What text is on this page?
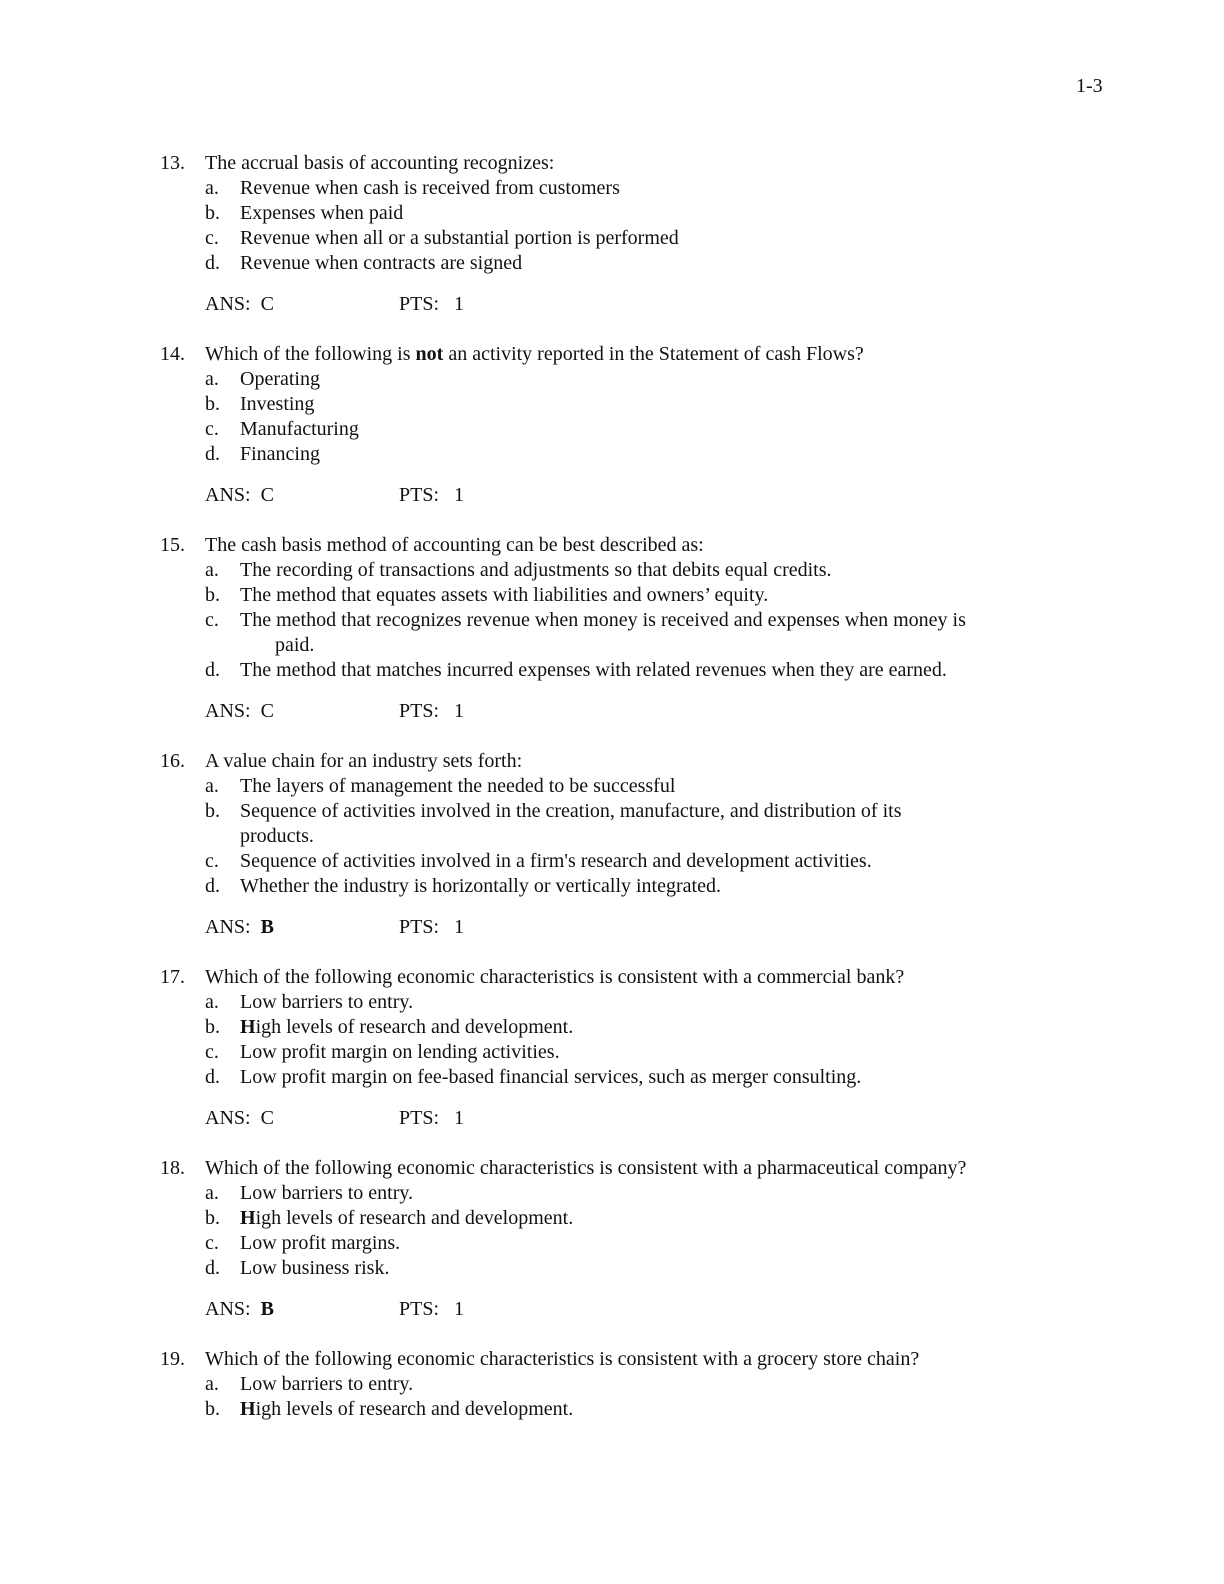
1-3
13. The accrual basis of accounting recognizes:
a. Revenue when cash is received from customers
b. Expenses when paid
c. Revenue when all or a substantial portion is performed
d. Revenue when contracts are signed
ANS: C	PTS: 1
14. Which of the following is not an activity reported in the Statement of cash Flows?
a. Operating
b. Investing
c. Manufacturing
d. Financing
ANS: C	PTS: 1
15. The cash basis method of accounting can be best described as:
a. The recording of transactions and adjustments so that debits equal credits.
b. The method that equates assets with liabilities and owners’ equity.
c. The method that recognizes revenue when money is received and expenses when money is
paid.
d. The method that matches incurred expenses with related revenues when they are earned.
ANS: C	PTS: 1
16. A value chain for an industry sets forth:
a. The layers of management the needed to be successful
b. Sequence of activities involved in the creation, manufacture, and distribution of its
products.
c. Sequence of activities involved in a firm's research and development activities.
d. Whether the industry is horizontally or vertically integrated.
ANS: B	PTS: 1
17. Which of the following economic characteristics is consistent with a commercial bank?
a. Low barriers to entry.
b. High levels of research and development.
c. Low profit margin on lending activities.
d. Low profit margin on fee-based financial services, such as merger consulting.
ANS: C	PTS: 1
18. Which of the following economic characteristics is consistent with a pharmaceutical company?
a. Low barriers to entry.
b. High levels of research and development.
c. Low profit margins.
d. Low business risk.
ANS: B	PTS: 1
19. Which of the following economic characteristics is consistent with a grocery store chain?
a. Low barriers to entry.
b. High levels of research and development.
